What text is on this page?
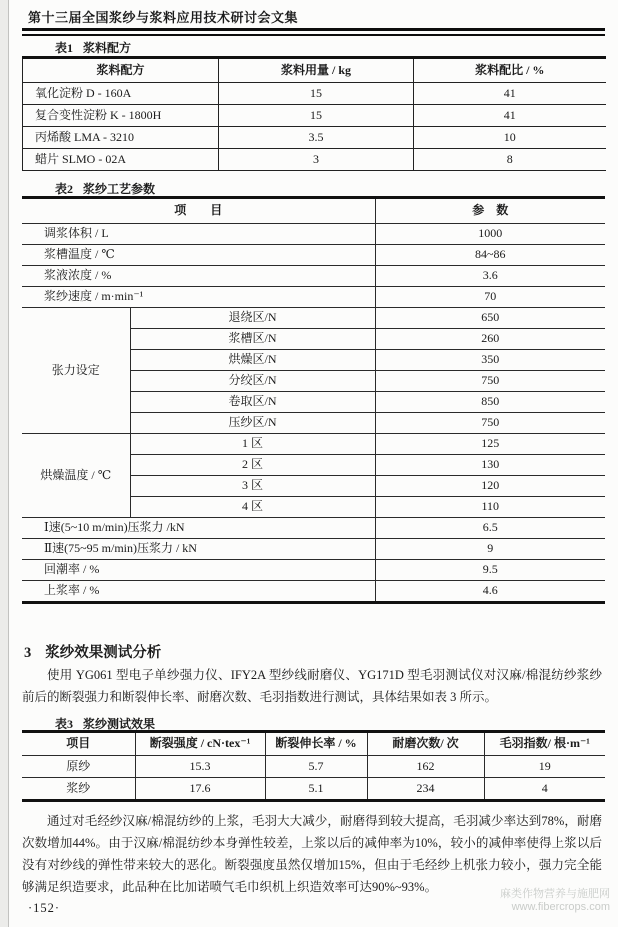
第十三届全国浆纱与浆料应用技术研讨会文集
表1 浆料配方
浆料配方	浆料用量 / kg	浆料配比 / %
氧化淀粉 D - 160A	15	41
复合变性淀粉 K - 1800H	15	41
丙烯酸 LMA - 3210	3.5	10
蜡片 SLMO - 02A	3	8
表2 浆纱工艺参数
项　　目		参　数
调浆体积 / L		1000
浆槽温度 / ℃		84~86
浆液浓度 / %		3.6
浆纱速度 / m·min⁻¹		70
张力设定	退绕区/N	650
	浆槽区/N	260
	烘燥区/N	350
	分绞区/N	750
	卷取区/N	850
	压纱区/N	750
烘燥温度 / ℃	1 区	125
	2 区	130
	3 区	120
	4 区	110
Ⅰ速(5~10 m/min)压浆力 /kN		6.5
Ⅱ速(75~95 m/min)压浆力 / kN		9
回潮率 / %		9.5
上浆率 / %		4.6
3 浆纱效果测试分析
使用 YG061 型电子单纱强力仪、IFY2A 型纱线耐磨仪、YG171D 型毛羽测试仪对汉麻/棉混纺纱浆纱前后的断裂强力和断裂伸长率、耐磨次数、毛羽指数进行测试，具体结果如表 3 所示。
表3 浆纱测试效果
项目	断裂强度 / cN·tex⁻¹	断裂伸长率 / %	耐磨次数/ 次	毛羽指数/ 根·m⁻¹
原纱	15.3	5.7	162	19
浆纱	17.6	5.1	234	4
通过对毛经纱汉麻/棉混纺纱的上浆，毛羽大大减少，耐磨得到较大提高，毛羽减少率达到78%，耐磨次数增加44%。由于汉麻/棉混纺纱本身弹性较差，上浆以后的减伸率为10%，较小的减伸率使得上浆以后没有对纱线的弹性带来较大的恶化。断裂强度虽然仅增加15%，但由于毛经纱上机张力较小，强力完全能够满足织造要求，此品种在比加诺喷气毛巾织机上织造效率可达90%~93%。
·152·
麻类作物营养与施肥网
www.fibercrops.com
